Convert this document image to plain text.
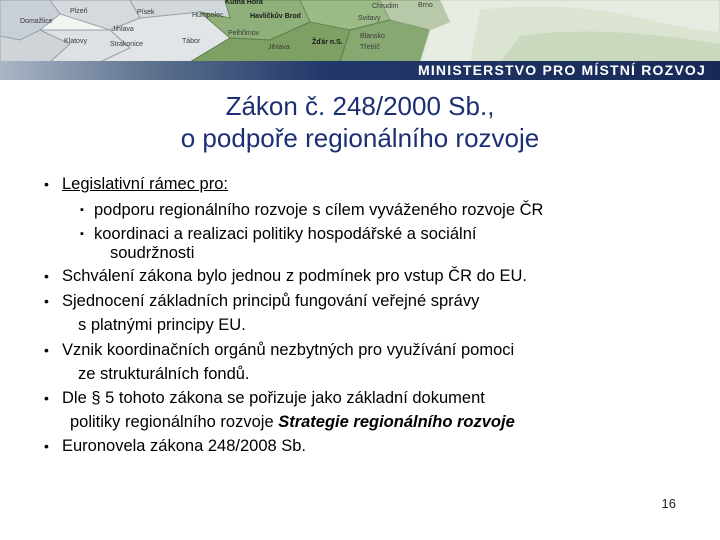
Kutná Hora
Plzeň	Písek	Humpolec	Havlíčkův Brod	Svitavy
Chrudim
Domažlice
Jihlava
Pelhřimov	Blansko
Klatovy	Strakonice	Tábor
Jihlava
Žďár n.S.
Třebíč
Brno
MINISTERSTVO PRO MÍSTNÍ ROZVOJ
Zákon č. 248/2000 Sb.,
o podpoře regionálního rozvoje
• Legislativní rámec pro:
▪ podporu regionálního rozvoje s cílem vyváženého rozvoje ČR
▪ koordinaci a realizaci politiky hospodářské a sociální
soudržnosti
• Schválení zákona bylo jednou z podmínek pro vstup ČR do EU.
• Sjednocení základních principů fungování veřejné správy
s platnými principy EU.
• Vznik koordinačních orgánů nezbytných pro využívání pomoci
ze strukturálních fondů.
• Dle § 5 tohoto zákona se pořizuje jako základní dokument
politiky regionálního rozvoje Strategie regionálního rozvoje
• Euronovela zákona 248/2008 Sb.
16
